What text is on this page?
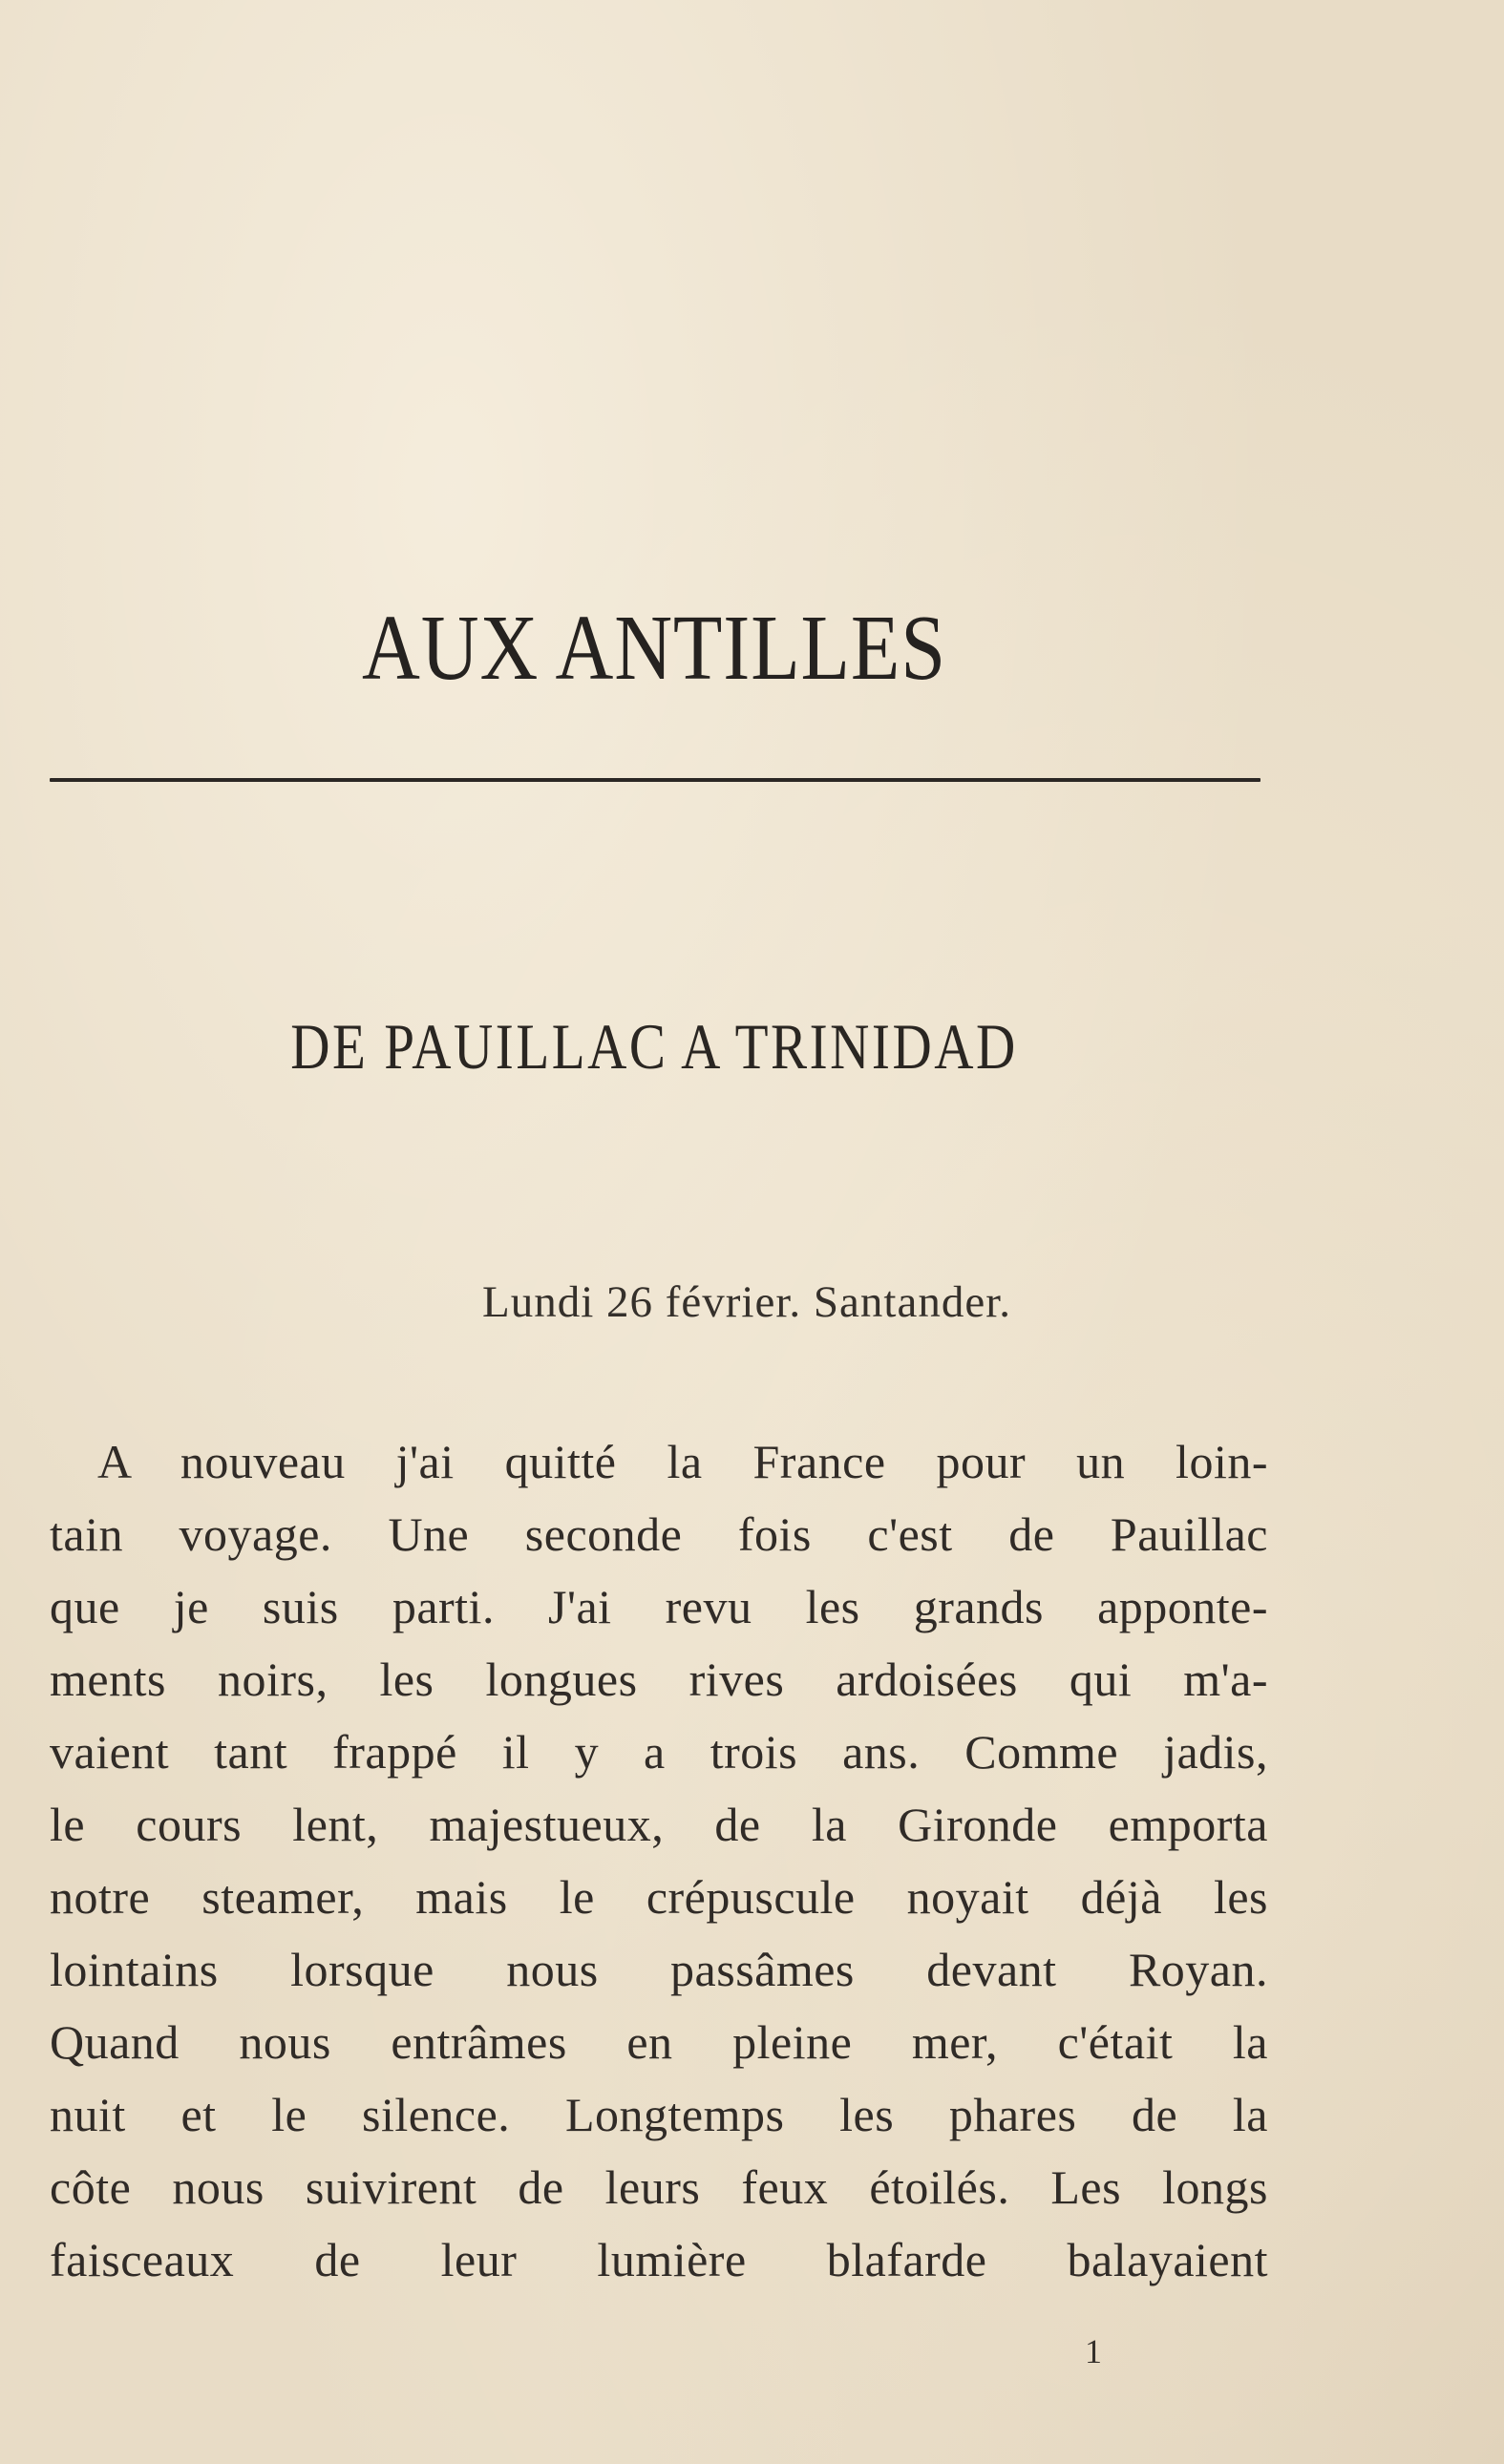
AUX ANTILLES
DE PAUILLAC A TRINIDAD
Lundi 26 février. Santander.
A nouveau j'ai quitté la France pour un loin-
tain voyage. Une seconde fois c'est de Pauillac
que je suis parti. J'ai revu les grands apponte-
ments noirs, les longues rives ardoisées qui m'a-
vaient tant frappé il y a trois ans. Comme jadis,
le cours lent, majestueux, de la Gironde emporta
notre steamer, mais le crépuscule noyait déjà les
lointains lorsque nous passâmes devant Royan.
Quand nous entrâmes en pleine mer, c'était la
nuit et le silence. Longtemps les phares de la
côte nous suivirent de leurs feux étoilés. Les longs
faisceaux de leur lumière blafarde balayaient
1
